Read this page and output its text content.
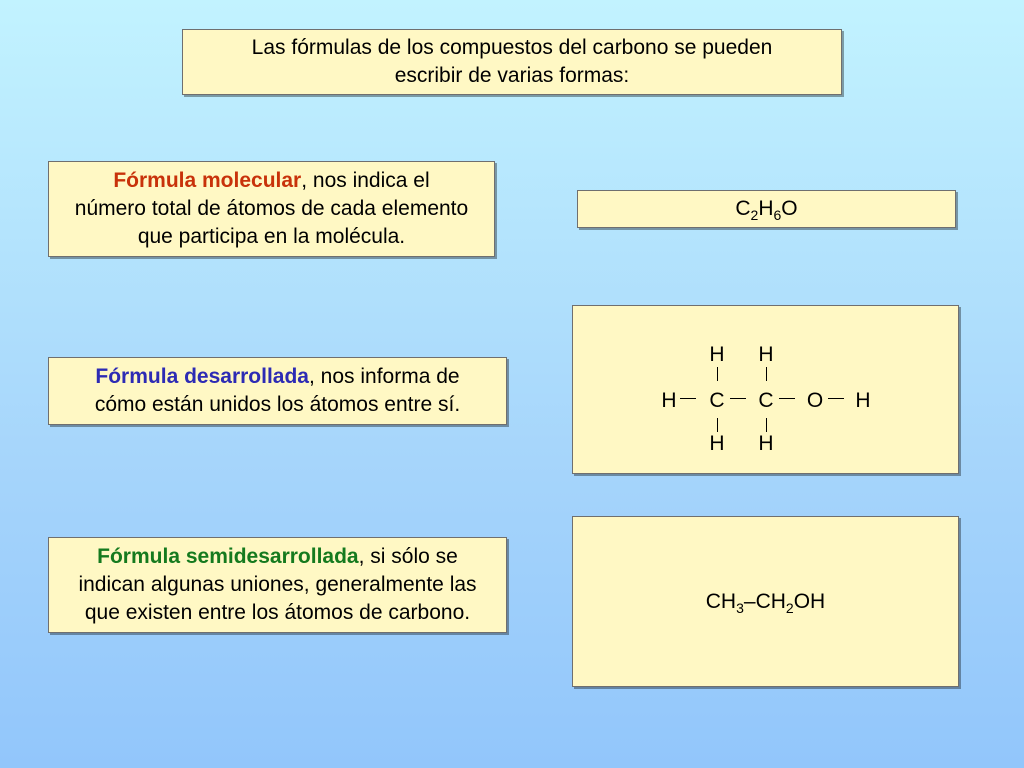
Las fórmulas de los compuestos del carbono se pueden
escribir de varias formas:
Fórmula molecular, nos indica el
número total de átomos de cada elemento
que participa en la molécula.
$C_2H_6O$
Fórmula desarrollada, nos informa de
cómo están unidos los átomos entre sí.
H H
H C C O H
H H
Fórmula semidesarrollada, si sólo se
indican algunas uniones, generalmente las
que existen entre los átomos de carbono.	$CH_3-CH_2OH$
